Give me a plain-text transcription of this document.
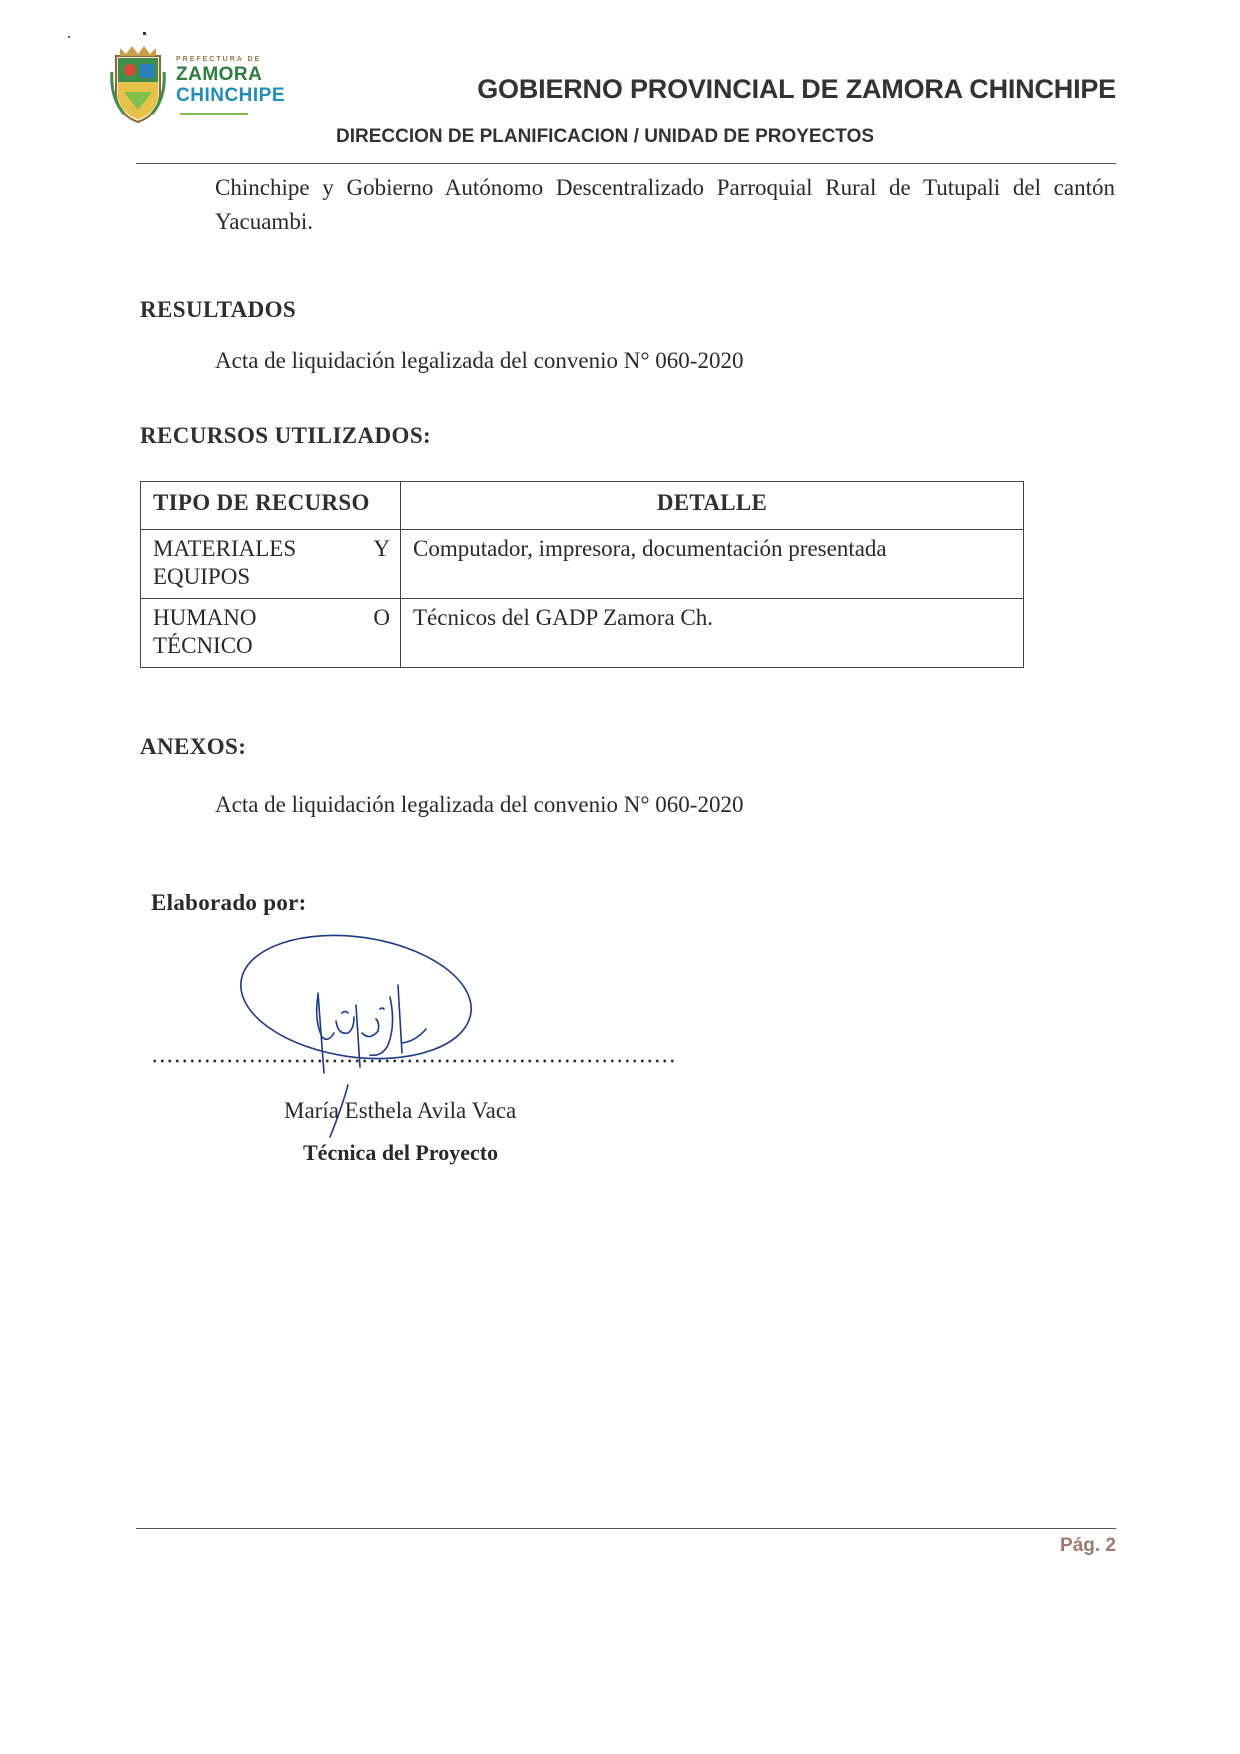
PREFECTURA DE
ZAMORA
CHINCHIPE	GOBIERNO PROVINCIAL DE ZAMORA CHINCHIPE
DIRECCION DE PLANIFICACION / UNIDAD DE PROYECTOS
Chinchipe y Gobierno Autónomo Descentralizado Parroquial Rural de Tutupali del cantón Yacuambi.
RESULTADOS
Acta de liquidación legalizada del convenio N° 060-2020
RECURSOS UTILIZADOS:
TIPO DE RECURSO	DETALLE

MATERIALES Y
EQUIPOS	Computador, impresora, documentación presentada

HUMANO O
TÉCNICO	Técnicos del GADP Zamora Ch.
ANEXOS:
Acta de liquidación legalizada del convenio N° 060-2020
Elaborado por:
María Esthela Avila Vaca
Técnica del Proyecto
Pág. 2
